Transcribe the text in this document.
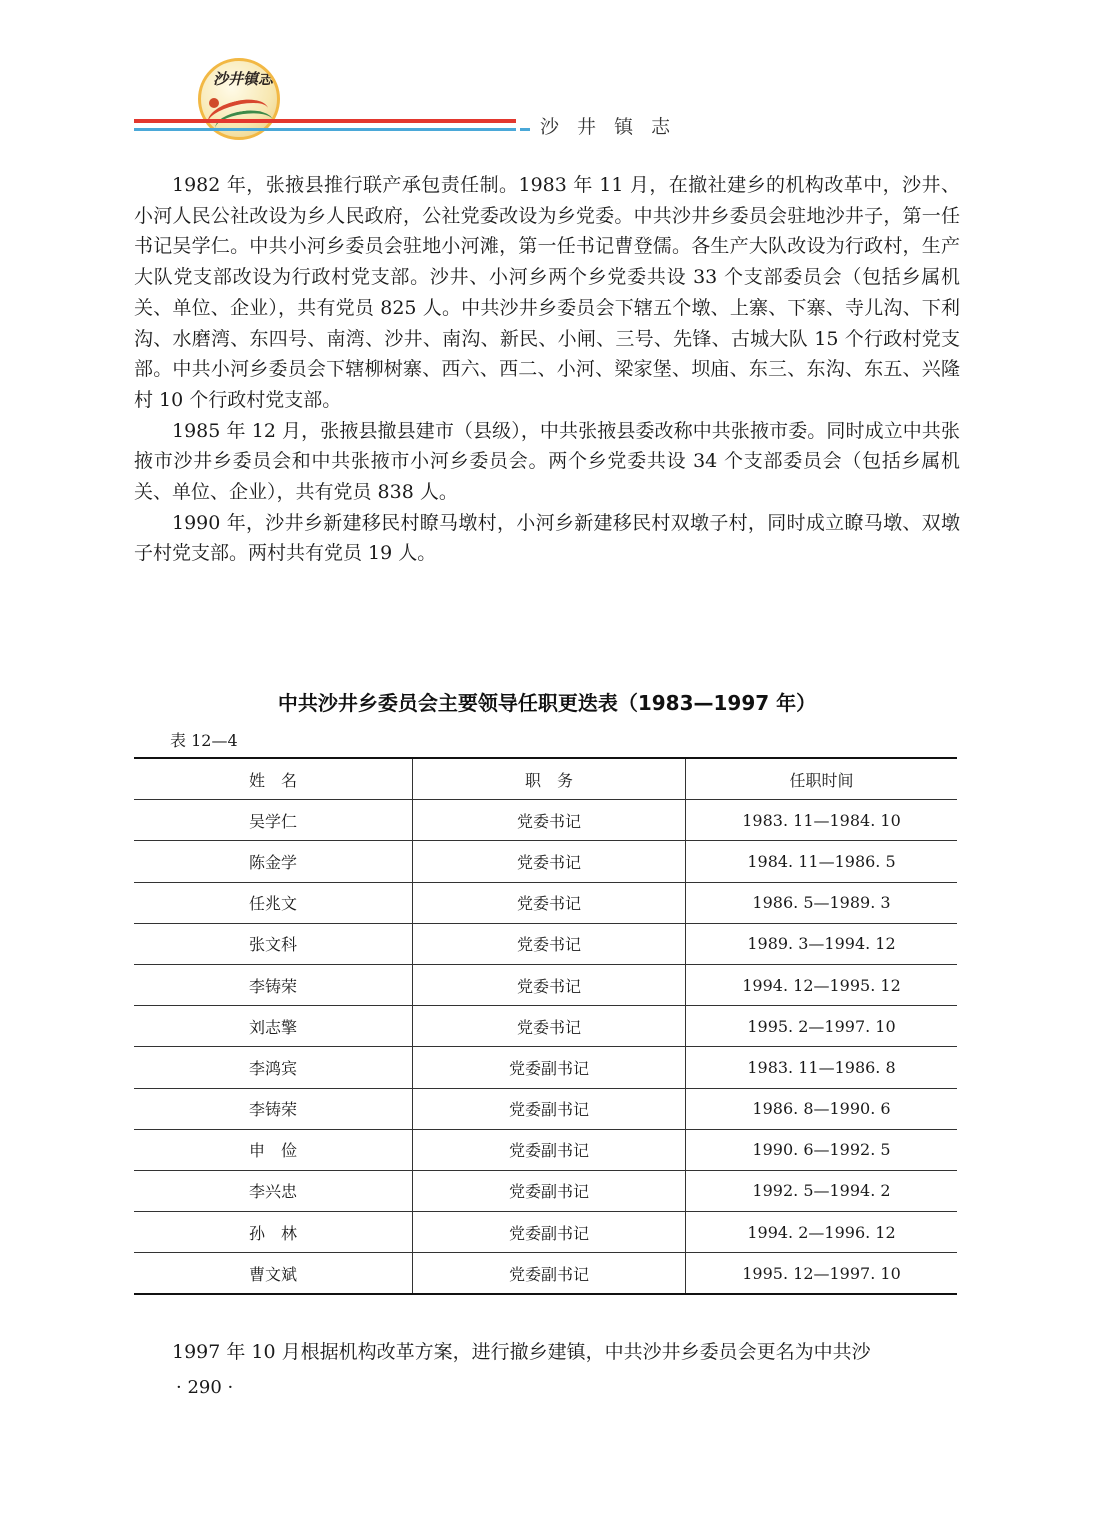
沙井镇志
沙 井 镇 志

1982 年，张掖县推行联产承包责任制。1983 年 11 月，在撤社建乡的机构改革中，沙井、小河人民公社改设为乡人民政府，公社党委改设为乡党委。中共沙井乡委员会驻地沙井子，第一任书记吴学仁。中共小河乡委员会驻地小河滩，第一任书记曹登儒。各生产大队改设为行政村，生产大队党支部改设为行政村党支部。沙井、小河乡两个乡党委共设 33 个支部委员会（包括乡属机关、单位、企业），共有党员 825 人。中共沙井乡委员会下辖五个墩、上寨、下寨、寺儿沟、下利沟、水磨湾、东四号、南湾、沙井、南沟、新民、小闸、三号、先锋、古城大队 15 个行政村党支部。中共小河乡委员会下辖柳树寨、西六、西二、小河、梁家堡、坝庙、东三、东沟、东五、兴隆村 10 个行政村党支部。

1985 年 12 月，张掖县撤县建市（县级），中共张掖县委改称中共张掖市委。同时成立中共张掖市沙井乡委员会和中共张掖市小河乡委员会。两个乡党委共设 34 个支部委员会（包括乡属机关、单位、企业），共有党员 838 人。

1990 年，沙井乡新建移民村瞭马墩村，小河乡新建移民村双墩子村，同时成立瞭马墩、双墩子村党支部。两村共有党员 19 人。

中共沙井乡委员会主要领导任职更迭表（1983—1997 年）
表 12—4
姓　名	职　务	任职时间
吴学仁	党委书记	1983. 11—1984. 10
陈金学	党委书记	1984. 11—1986. 5
任兆文	党委书记	1986. 5—1989. 3
张文科	党委书记	1989. 3—1994. 12
李铸荣	党委书记	1994. 12—1995. 12
刘志擎	党委书记	1995. 2—1997. 10
李鸿宾	党委副书记	1983. 11—1986. 8
李铸荣	党委副书记	1986. 8—1990. 6
申　俭	党委副书记	1990. 6—1992. 5
李兴忠	党委副书记	1992. 5—1994. 2
孙　林	党委副书记	1994. 2—1996. 12
曹文斌	党委副书记	1995. 12—1997. 10
1997 年 10 月根据机构改革方案，进行撤乡建镇，中共沙井乡委员会更名为中共沙
· 290 ·
